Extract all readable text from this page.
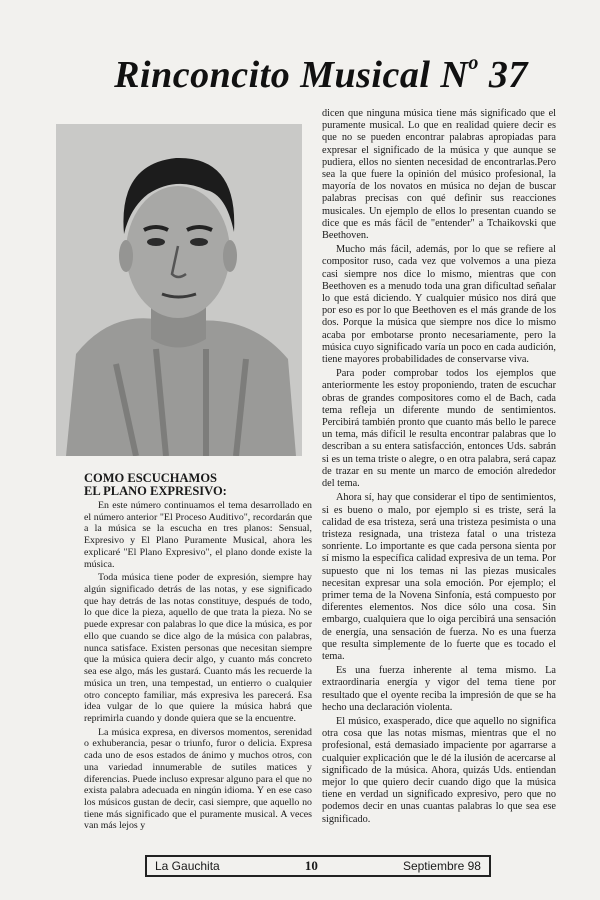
Rinconcito Musical $N^o$ 37

COMO ESCUCHAMOS
EL PLANO EXPRESIVO:

En este número continuamos el tema desarrollado en el número anterior "El Proceso Auditivo", recordarán que a la música se la escucha en tres planos: Sensual, Expresivo y El Plano Puramente Musical, ahora les explicaré "El Plano Expresivo", el plano donde existe la música.

Toda música tiene poder de expresión, siempre hay algún significado detrás de las notas, y ese significado que hay detrás de las notas constituye, después de todo, lo que dice la pieza, aquello de que trata la pieza. No se puede expresar con palabras lo que dice la música, es por ello que cuando se dice algo de la música con palabras, nunca satisface. Existen personas que necesitan siempre que la música quiera decir algo, y cuanto más concreto sea ese algo, más les gustará. Cuanto más les recuerde la música un tren, una tempestad, un entierro o cualquier otro concepto familiar, más expresiva les parecerá. Esa idea vulgar de lo que quiere la música habrá que reprimirla cuando y donde quiera que se la encuentre.

La música expresa, en diversos momentos, serenidad o exhuberancia, pesar o triunfo, furor o delicia. Expresa cada uno de esos estados de ánimo y muchos otros, con una variedad innumerable de sutiles matices y diferencias. Puede incluso expresar alguno para el que no exista palabra adecuada en ningún idioma. Y en ese caso los músicos gustan de decir, casi siempre, que aquello no tiene más significado que el puramente musical. A veces van más lejos y

dicen que ninguna música tiene más significado que el puramente musical. Lo que en realidad quiere decir es que no se pueden encontrar palabras apropiadas para expresar el significado de la música y que aunque se pudiera, ellos no sienten necesidad de encontrarlas.Pero sea la que fuere la opinión del músico profesional, la mayoría de los novatos en música no dejan de buscar palabras precisas con qué definir sus reacciones musicales. Un ejemplo de ellos lo presentan cuando se dice que es más fácil de "entender" a Tchaikovski que Beethoven.

Mucho más fácil, además, por lo que se refiere al compositor ruso, cada vez que volvemos a una pieza casi siempre nos dice lo mismo, mientras que con Beethoven es a menudo toda una gran dificultad señalar lo que está diciendo. Y cualquier músico nos dirá que por eso es por lo que Beethoven es el más grande de los dos. Porque la música que siempre nos dice lo mismo acaba por embotarse pronto necesariamente, pero la música cuyo significado varía un poco en cada audición, tiene mayores probabilidades de conservarse viva.

Para poder comprobar todos los ejemplos que anteriormente les estoy proponiendo, traten de escuchar obras de grandes compositores como el de Bach, cada tema refleja un diferente mundo de sentimientos. Percibirá también pronto que cuanto más bello le parece un tema, más difícil le resulta encontrar palabras que lo describan a su entera satisfacción, entonces Uds. sabrán si es un tema triste o alegre, o en otra palabra, será capaz de trazar en su mente un marco de emoción alrededor del tema.

Ahora sí, hay que considerar el tipo de sentimientos, si es bueno o malo, por ejemplo si es triste, será la calidad de esa tristeza, será una tristeza pesimista o una tristeza resignada, una tristeza fatal o una tristeza sonriente. Lo importante es que cada persona sienta por sí mismo la específica calidad expresiva de un tema. Por supuesto que ni los temas ni las piezas musicales necesitan expresar una sola emoción. Por ejemplo; el primer tema de la Novena Sinfonía, está compuesto por diferentes elementos. Nos dice sólo una cosa. Sin embargo, cualquiera que lo oiga percibirá una sensación de energía, una sensación de fuerza. No es una fuerza que resulta simplemente de lo fuerte que es tocado el tema.

Es una fuerza inherente al tema mismo. La extraordinaria energía y vigor del tema tiene por resultado que el oyente reciba la impresión de que se ha hecho una declaración violenta.

El músico, exasperado, dice que aquello no significa otra cosa que las notas mismas, mientras que el no profesional, está demasiado impaciente por agarrarse a cualquier explicación que le dé la ilusión de acercarse al significado de la música. Ahora, quizás Uds. entiendan mejor lo que quiero decir cuando digo que la música tiene en verdad un significado expresivo, pero que no podemos decir en unas cuantas palabras lo que sea ese significado.

La Gauchita	10	Septiembre 98
